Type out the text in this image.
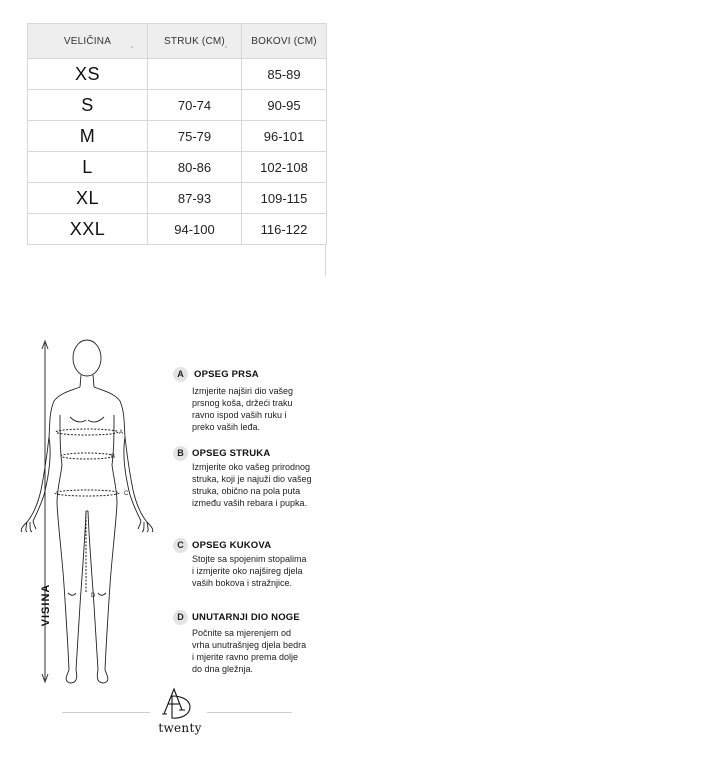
VELIČINA	STRUK (CM)	BOKOVI (CM)
XS		85-89
S	70-74	90-95
M	75-79	96-101
L	80-86	102-108
XL	87-93	109-115
XXL	94-100	116-122
A
B
C
D
VISINA
A	OPSEG PRSA
Izmjerite najširi dio vašeg
prsnog koša, držeći traku
ravno ispod vaših ruku i
preko vaših leđa.
B OPSEG STRUKA
Izmjerite oko vašeg prirodnog
struka, koji je najuži dio vašeg
struka, obično na pola puta
između vaših rebara i pupka.
C OPSEG KUKOVA
Stojte sa spojenim stopalima
i izmjerite oko najšireg djela
vaših bokova i stražnjice.
D UNUTARNJI DIO NOGE
Počnite sa mjerenjem od
vrha unutrašnjeg djela bedra
i mjerite ravno prema dolje
do dna gležnja.
twenty
